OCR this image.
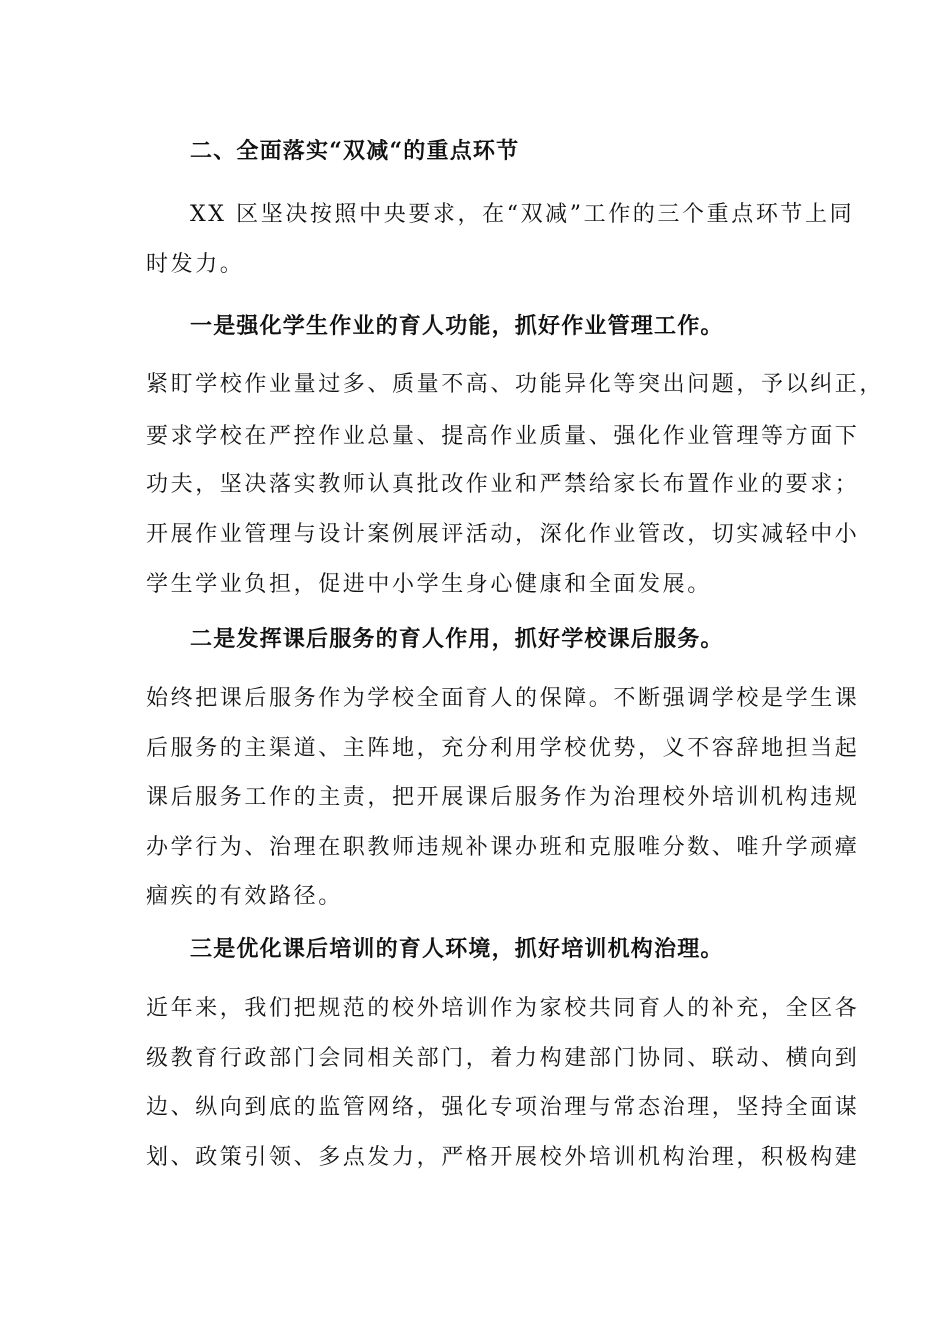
二、全面落实“双减“的重点环节
XX 区坚决按照中央要求，在“双减”工作的三个重点环节上同
时发力。
一是强化学生作业的育人功能，抓好作业管理工作。
紧盯学校作业量过多、质量不高、功能异化等突出问题，予以纠正，
要求学校在严控作业总量、提高作业质量、强化作业管理等方面下
功夫，坚决落实教师认真批改作业和严禁给家长布置作业的要求；
开展作业管理与设计案例展评活动，深化作业管改，切实减轻中小
学生学业负担，促进中小学生身心健康和全面发展。
二是发挥课后服务的育人作用，抓好学校课后服务。
始终把课后服务作为学校全面育人的保障。不断强调学校是学生课
后服务的主渠道、主阵地，充分利用学校优势，义不容辞地担当起
课后服务工作的主责，把开展课后服务作为治理校外培训机构违规
办学行为、治理在职教师违规补课办班和克服唯分数、唯升学顽瘴
痼疾的有效路径。
三是优化课后培训的育人环境，抓好培训机构治理。
近年来，我们把规范的校外培训作为家校共同育人的补充，全区各
级教育行政部门会同相关部门，着力构建部门协同、联动、横向到
边、纵向到底的监管网络，强化专项治理与常态治理，坚持全面谋
划、政策引领、多点发力，严格开展校外培训机构治理，积极构建
